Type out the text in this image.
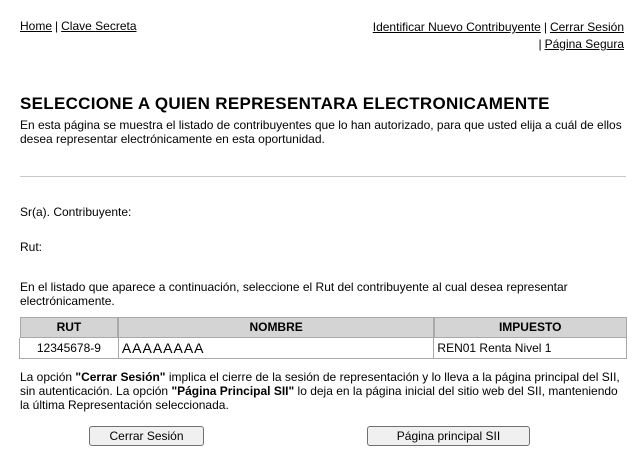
Home | Clave Secreta	Identificar Nuevo Contribuyente | Cerrar Sesión
| Página Segura
SELECCIONE A QUIEN REPRESENTARA ELECTRONICAMENTE
En esta página se muestra el listado de contribuyentes que lo han autorizado, para que usted elija a cuál de ellos desea representar electrónicamente en esta oportunidad.
Sr(a). Contribuyente:
Rut:
En el listado que aparece a continuación, seleccione el Rut del contribuyente al cual desea representar electrónicamente.
RUT	NOMBRE	IMPUESTO
12345678-9	AAAAAAAA	REN01 Renta Nivel 1
La opción "Cerrar Sesión" implica el cierre de la sesión de representación y lo lleva a la página principal del SII, sin autenticación. La opción "Página Principal SII" lo deja en la página inicial del sitio web del SII, manteniendo la última Representación seleccionada.
Cerrar Sesión	Página principal SII
